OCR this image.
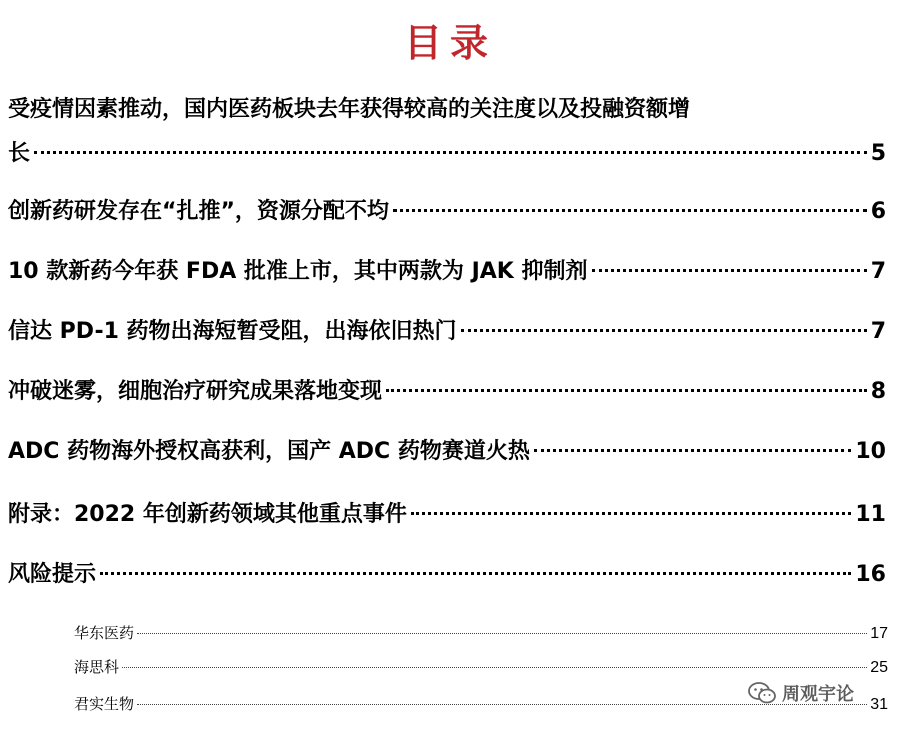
目录
受疫情因素推动，国内医药板块去年获得较高的关注度以及投融资额增
长	5
创新药研发存在“扎推”，资源分配不均	6
10 款新药今年获 FDA 批准上市，其中两款为 JAK 抑制剂	7
信达 PD-1 药物出海短暂受阻，出海依旧热门	7
冲破迷雾，细胞治疗研究成果落地变现	8
ADC 药物海外授权高获利，国产 ADC 药物赛道火热	10
附录：2022 年创新药领域其他重点事件	11
风险提示	16
华东医药	17
海思科	25
君实生物	31
周观宇论
